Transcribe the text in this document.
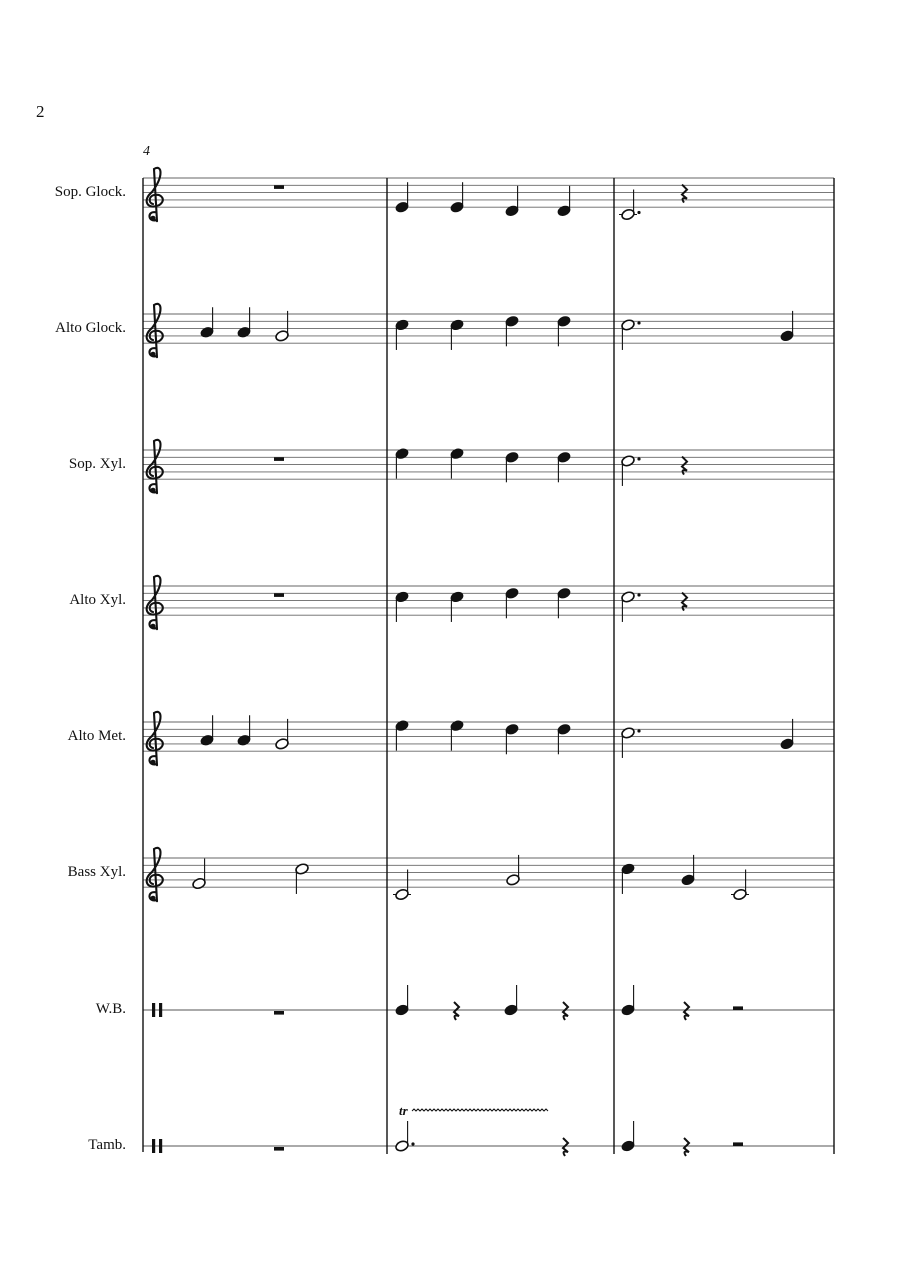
2
Sop. Glock.
Alto Glock.
Sop. Xyl.
Alto Xyl.
Alto Met.
Bass Xyl.
W.B.
Tamb.
4
tr
